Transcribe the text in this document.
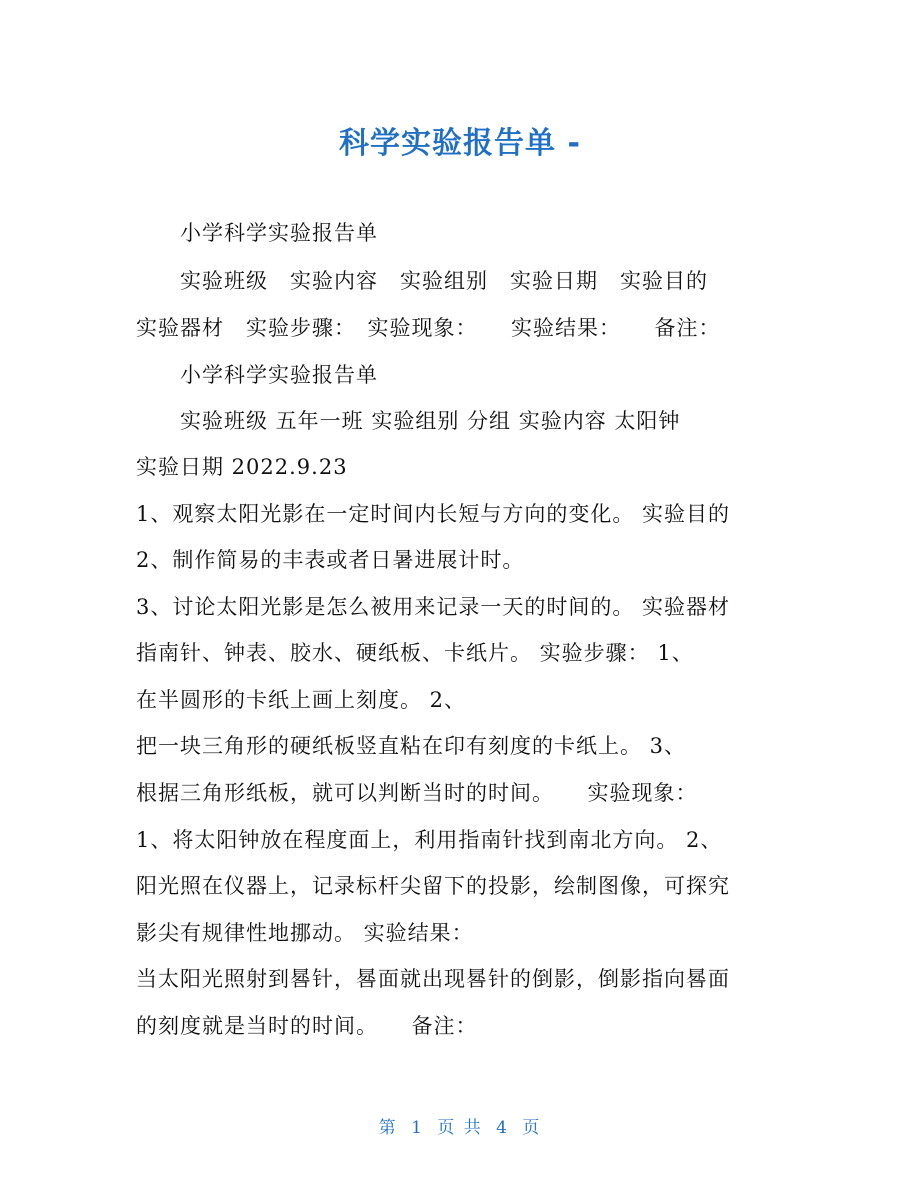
科学实验报告单 -
小学科学实验报告单
实验班级　实验内容　实验组别　实验日期　实验目的
实验器材　实验步骤：　实验现象：　　实验结果：　　备注：
小学科学实验报告单
实验班级 五年一班 实验组别 分组 实验内容 太阳钟
实验日期 2022.9.23
1、观察太阳光影在一定时间内长短与方向的变化。 实验目的
2、制作简易的丰表或者日暑进展计时。
3、讨论太阳光影是怎么被用来记录一天的时间的。 实验器材
指南针、钟表、胶水、硬纸板、卡纸片。 实验步骤： 1、
在半圆形的卡纸上画上刻度。 2、
把一块三角形的硬纸板竖直粘在印有刻度的卡纸上。 3、
根据三角形纸板，就可以判断当时的时间。　　实验现象：
1、将太阳钟放在程度面上，利用指南针找到南北方向。 2、
阳光照在仪器上，记录标杆尖留下的投影，绘制图像，可探究
影尖有规律性地挪动。 实验结果：
当太阳光照射到晷针，晷面就出现晷针的倒影，倒影指向晷面
的刻度就是当时的时间。　　备注：
第 1 页 共 4 页
